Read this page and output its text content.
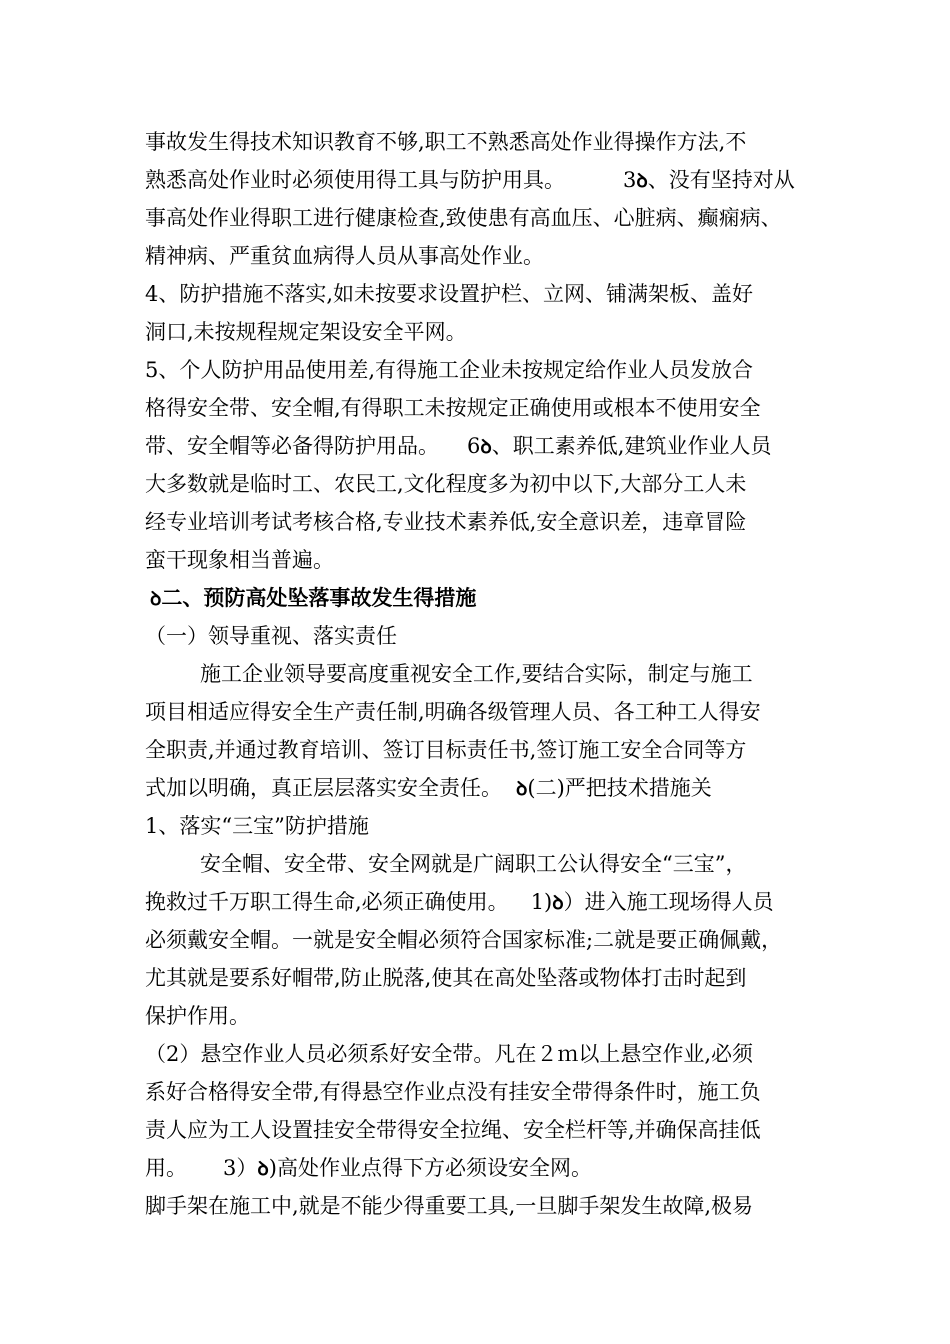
事故发生得技术知识教育不够,职工不熟悉高处作业得操作方法,不
熟悉高处作业时必须使用得工具与防护用具。	3ꝺ、没有坚持对从
事高处作业得职工进行健康检查,致使患有高血压、心脏病、癫痫病、
精神病、严重贫血病得人员从事高处作业。
4、防护措施不落实,如未按要求设置护栏、立网、铺满架板、盖好
洞口,未按规程规定架设安全平网。
5、个人防护用品使用差,有得施工企业未按规定给作业人员发放合
格得安全带、安全帽,有得职工未按规定正确使用或根本不使用安全
带、安全帽等必备得防护用品。 6ꝺ、职工素养低,建筑业作业人员
大多数就是临时工、农民工,文化程度多为初中以下,大部分工人未
经专业培训考试考核合格,专业技术素养低,安全意识差，违章冒险
蛮干现象相当普遍。
ꝺ二、预防高处坠落事故发生得措施
（一）领导重视、落实责任
施工企业领导要高度重视安全工作,要结合实际，制定与施工
项目相适应得安全生产责任制,明确各级管理人员、各工种工人得安
全职责,并通过教育培训、签订目标责任书,签订施工安全合同等方
式加以明确，真正层层落实安全责任。 ꝺ(二)严把技术措施关
1、落实“三宝”防护措施
安全帽、安全带、安全网就是广阔职工公认得安全“三宝”，
挽救过千万职工得生命,必须正确使用。 1)ꝺ）进入施工现场得人员
必须戴安全帽。一就是安全帽必须符合国家标准;二就是要正确佩戴，
尤其就是要系好帽带,防止脱落,使其在高处坠落或物体打击时起到
保护作用。
（2）悬空作业人员必须系好安全带。凡在２ｍ以上悬空作业,必须
系好合格得安全带,有得悬空作业点没有挂安全带得条件时，施工负
责人应为工人设置挂安全带得安全拉绳、安全栏杆等,并确保高挂低
用。 3）ꝺ)高处作业点得下方必须设安全网。
脚手架在施工中,就是不能少得重要工具,一旦脚手架发生故障,极易
